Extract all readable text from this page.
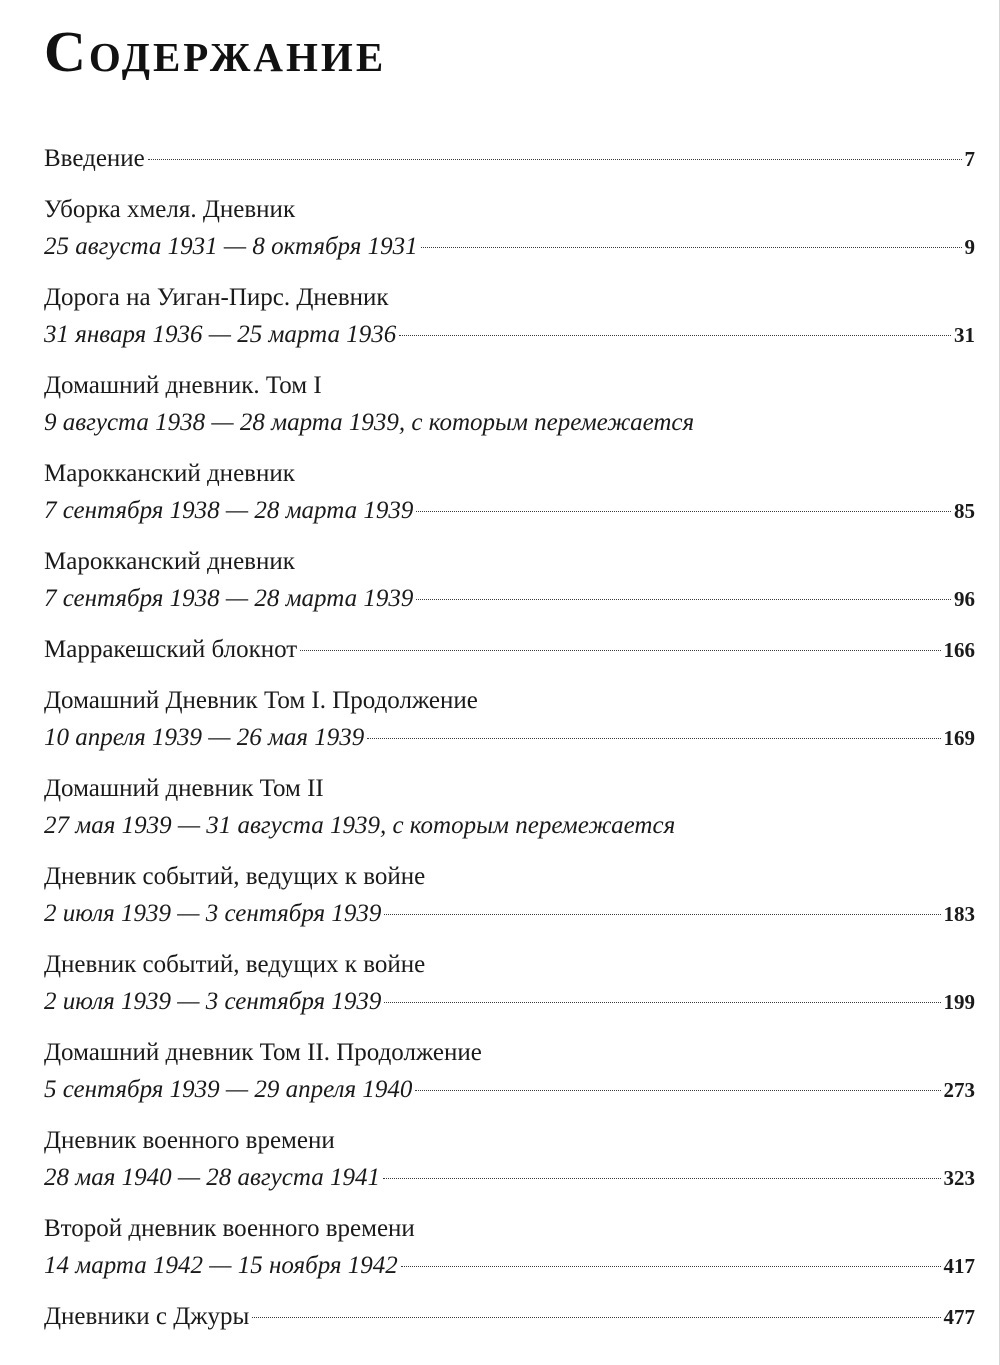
Содержание
Введение	7
Уборка хмеля. Дневник
25 августа 1931 — 8 октября 1931	9
Дорога на Уиган-Пирс. Дневник
31 января 1936 — 25 марта 1936	31
Домашний дневник. Том I
9 августа 1938 — 28 марта 1939, с которым перемежается
Марокканский дневник
7 сентября 1938 — 28 марта 1939	85
Марокканский дневник
7 сентября 1938 — 28 марта 1939	96
Марракешский блокнот	166
Домашний Дневник Том I. Продолжение
10 апреля 1939 — 26 мая 1939	169
Домашний дневник Том II
27 мая 1939 — 31 августа 1939, с которым перемежается
Дневник событий, ведущих к войне
2 июля 1939 — 3 сентября 1939	183
Дневник событий, ведущих к войне
2 июля 1939 — 3 сентября 1939	199
Домашний дневник Том II. Продолжение
5 сентября 1939 — 29 апреля 1940	273
Дневник военного времени
28 мая 1940 — 28 августа 1941	323
Второй дневник военного времени
14 марта 1942 — 15 ноября 1942	417
Дневники с Джуры	477
